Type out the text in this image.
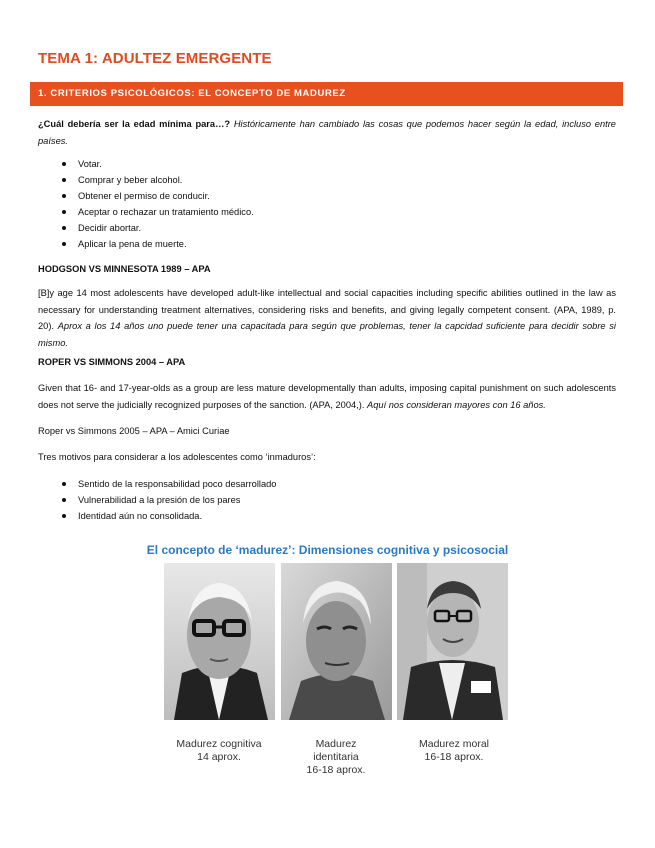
TEMA 1: ADULTEZ EMERGENTE
1. CRITERIOS PSICOLÓGICOS: EL CONCEPTO DE MADUREZ
¿Cuál debería ser la edad mínima para…? Históricamente han cambiado las cosas que podemos hacer según la edad, incluso entre países.
Votar.
Comprar y beber alcohol.
Obtener el permiso de conducir.
Aceptar o rechazar un tratamiento médico.
Decidir abortar.
Aplicar la pena de muerte.
HODGSON VS MINNESOTA 1989 – APA
[B]y age 14 most adolescents have developed adult-like intellectual and social capacities including specific abilities outlined in the law as necessary for understanding treatment alternatives, considering risks and benefits, and giving legally competent consent. (APA, 1989, p. 20). Aprox a los 14 años uno puede tener una capacitada para según que problemas, tener la capcidad suficiente para decidir sobre si mismo.
ROPER VS SIMMONS 2004 – APA
Given that 16- and 17-year-olds as a group are less mature developmentally than adults, imposing capital punishment on such adolescents does not serve the judicially recognized purposes of the sanction. (APA, 2004,). Aquí nos consideran mayores con 16 años.
Roper vs Simmons 2005 – APA – Amici Curiae
Tres motivos para considerar a los adolescentes como ‘inmaduros’:
Sentido de la responsabilidad poco desarrollado
Vulnerabilidad a la presión de los pares
Identidad aún no consolidada.
El concepto de ‘madurez’: Dimensiones cognitiva y psicosocial
Madurez cognitiva
14 aprox.
Madurez
identitaria
16-18 aprox.
Madurez moral
16-18 aprox.
